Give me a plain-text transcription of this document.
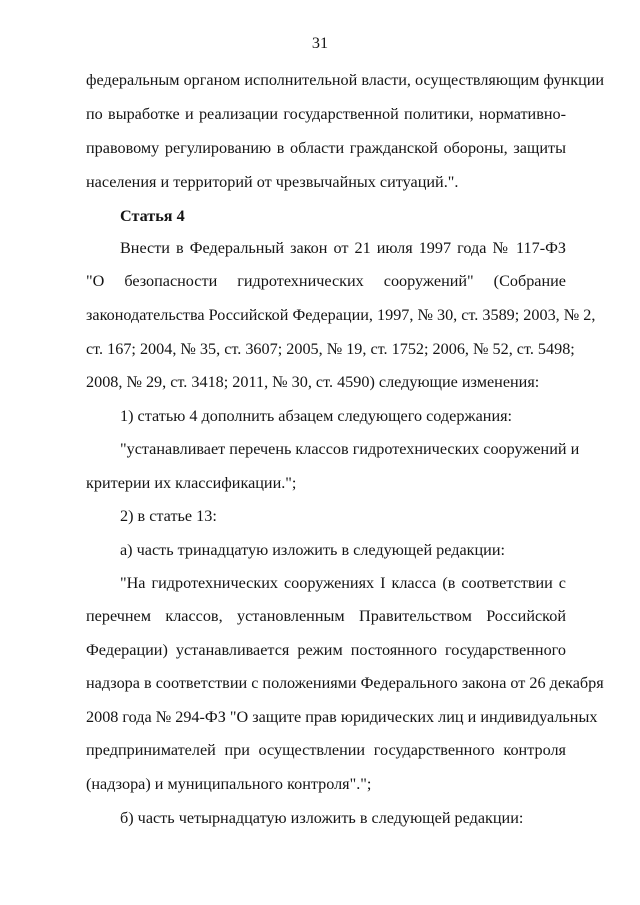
31
федеральным органом исполнительной власти, осуществляющим функции
по выработке и реализации государственной политики, нормативно-
правовому регулированию в области гражданской обороны, защиты
населения и территорий от чрезвычайных ситуаций.".
Статья 4
Внести в Федеральный закон от 21 июля 1997 года № 117-ФЗ
"О безопасности гидротехнических сооружений" (Собрание
законодательства Российской Федерации, 1997, № 30, ст. 3589; 2003, № 2,
ст. 167; 2004, № 35, ст. 3607; 2005, № 19, ст. 1752; 2006, № 52, ст. 5498;
2008, № 29, ст. 3418; 2011, № 30, ст. 4590) следующие изменения:
1) статью 4 дополнить абзацем следующего содержания:
"устанавливает перечень классов гидротехнических сооружений и
критерии их классификации.";
2) в статье 13:
а) часть тринадцатую изложить в следующей редакции:
"На гидротехнических сооружениях I класса (в соответствии с
перечнем классов, установленным Правительством Российской
Федерации) устанавливается режим постоянного государственного
надзора в соответствии с положениями Федерального закона от 26 декабря
2008 года № 294-ФЗ "О защите прав юридических лиц и индивидуальных
предпринимателей при осуществлении государственного контроля
(надзора) и муниципального контроля".";
б) часть четырнадцатую изложить в следующей редакции:
